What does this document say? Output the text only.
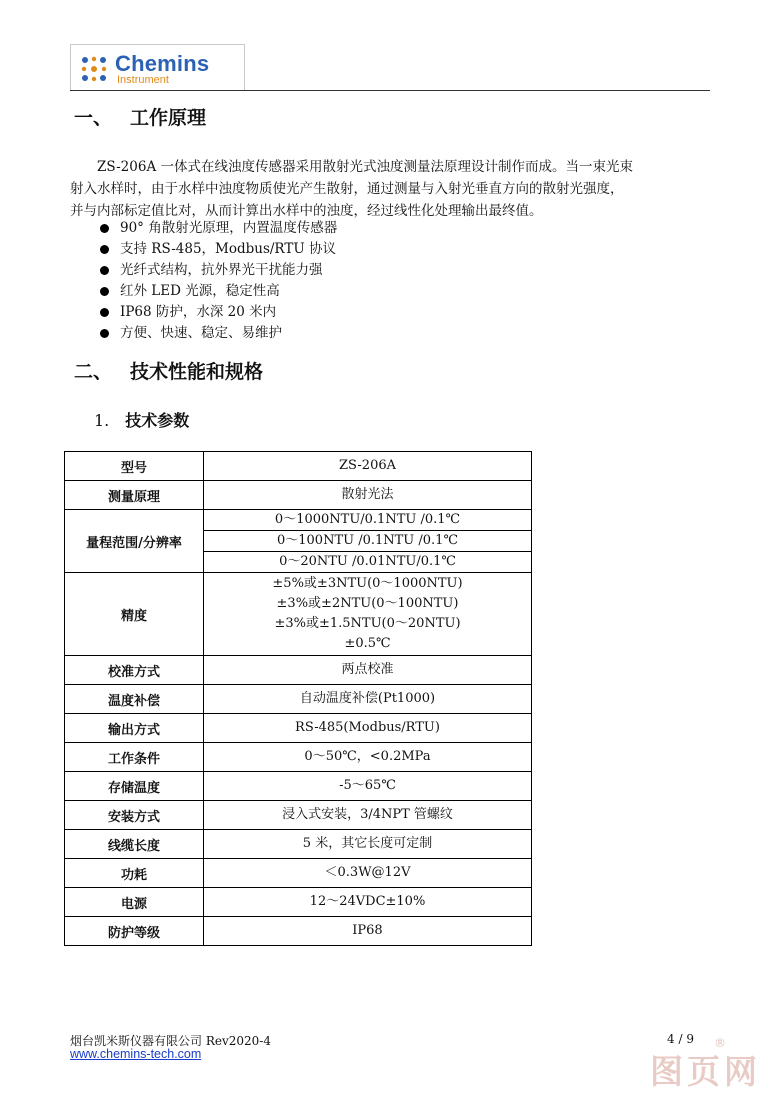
Chemins
Instrument
一、 工作原理

ZS-206A 一体式在线浊度传感器采用散射光式浊度测量法原理设计制作而成。当一束光束
射入水样时，由于水样中浊度物质使光产生散射，通过测量与入射光垂直方向的散射光强度，
并与内部标定值比对，从而计算出水样中的浊度，经过线性化处理输出最终值。

90° 角散射光原理，内置温度传感器
支持 RS-485，Modbus/RTU 协议
光纤式结构，抗外界光干扰能力强
红外 LED 光源，稳定性高
IP68 防护，水深 20 米内
方便、快速、稳定、易维护
二、 技术性能和规格
1. 技术参数
型号	ZS-206A
测量原理	散射光法
量程范围/分辨率	0～1000NTU/0.1NTU /0.1℃
0～100NTU /0.1NTU /0.1℃
0～20NTU /0.01NTU/0.1℃

精度	±5%或±3NTU(0～1000NTU)
±3%或±2NTU(0～100NTU)
±3%或±1.5NTU(0～20NTU)
±0.5℃

校准方式	两点校准
温度补偿	自动温度补偿(Pt1000)
输出方式	RS-485(Modbus/RTU)
工作条件	0～50℃，<0.2MPa
存储温度	-5～65℃
安装方式	浸入式安装，3/4NPT 管螺纹
线缆长度	5 米，其它长度可定制
功耗	＜0.3W@12V
电源	12～24VDC±10%
防护等级	IP68
烟台凯米斯仪器有限公司 Rev2020-4	4 / 9
www.chemins-tech.com	图页网
®
